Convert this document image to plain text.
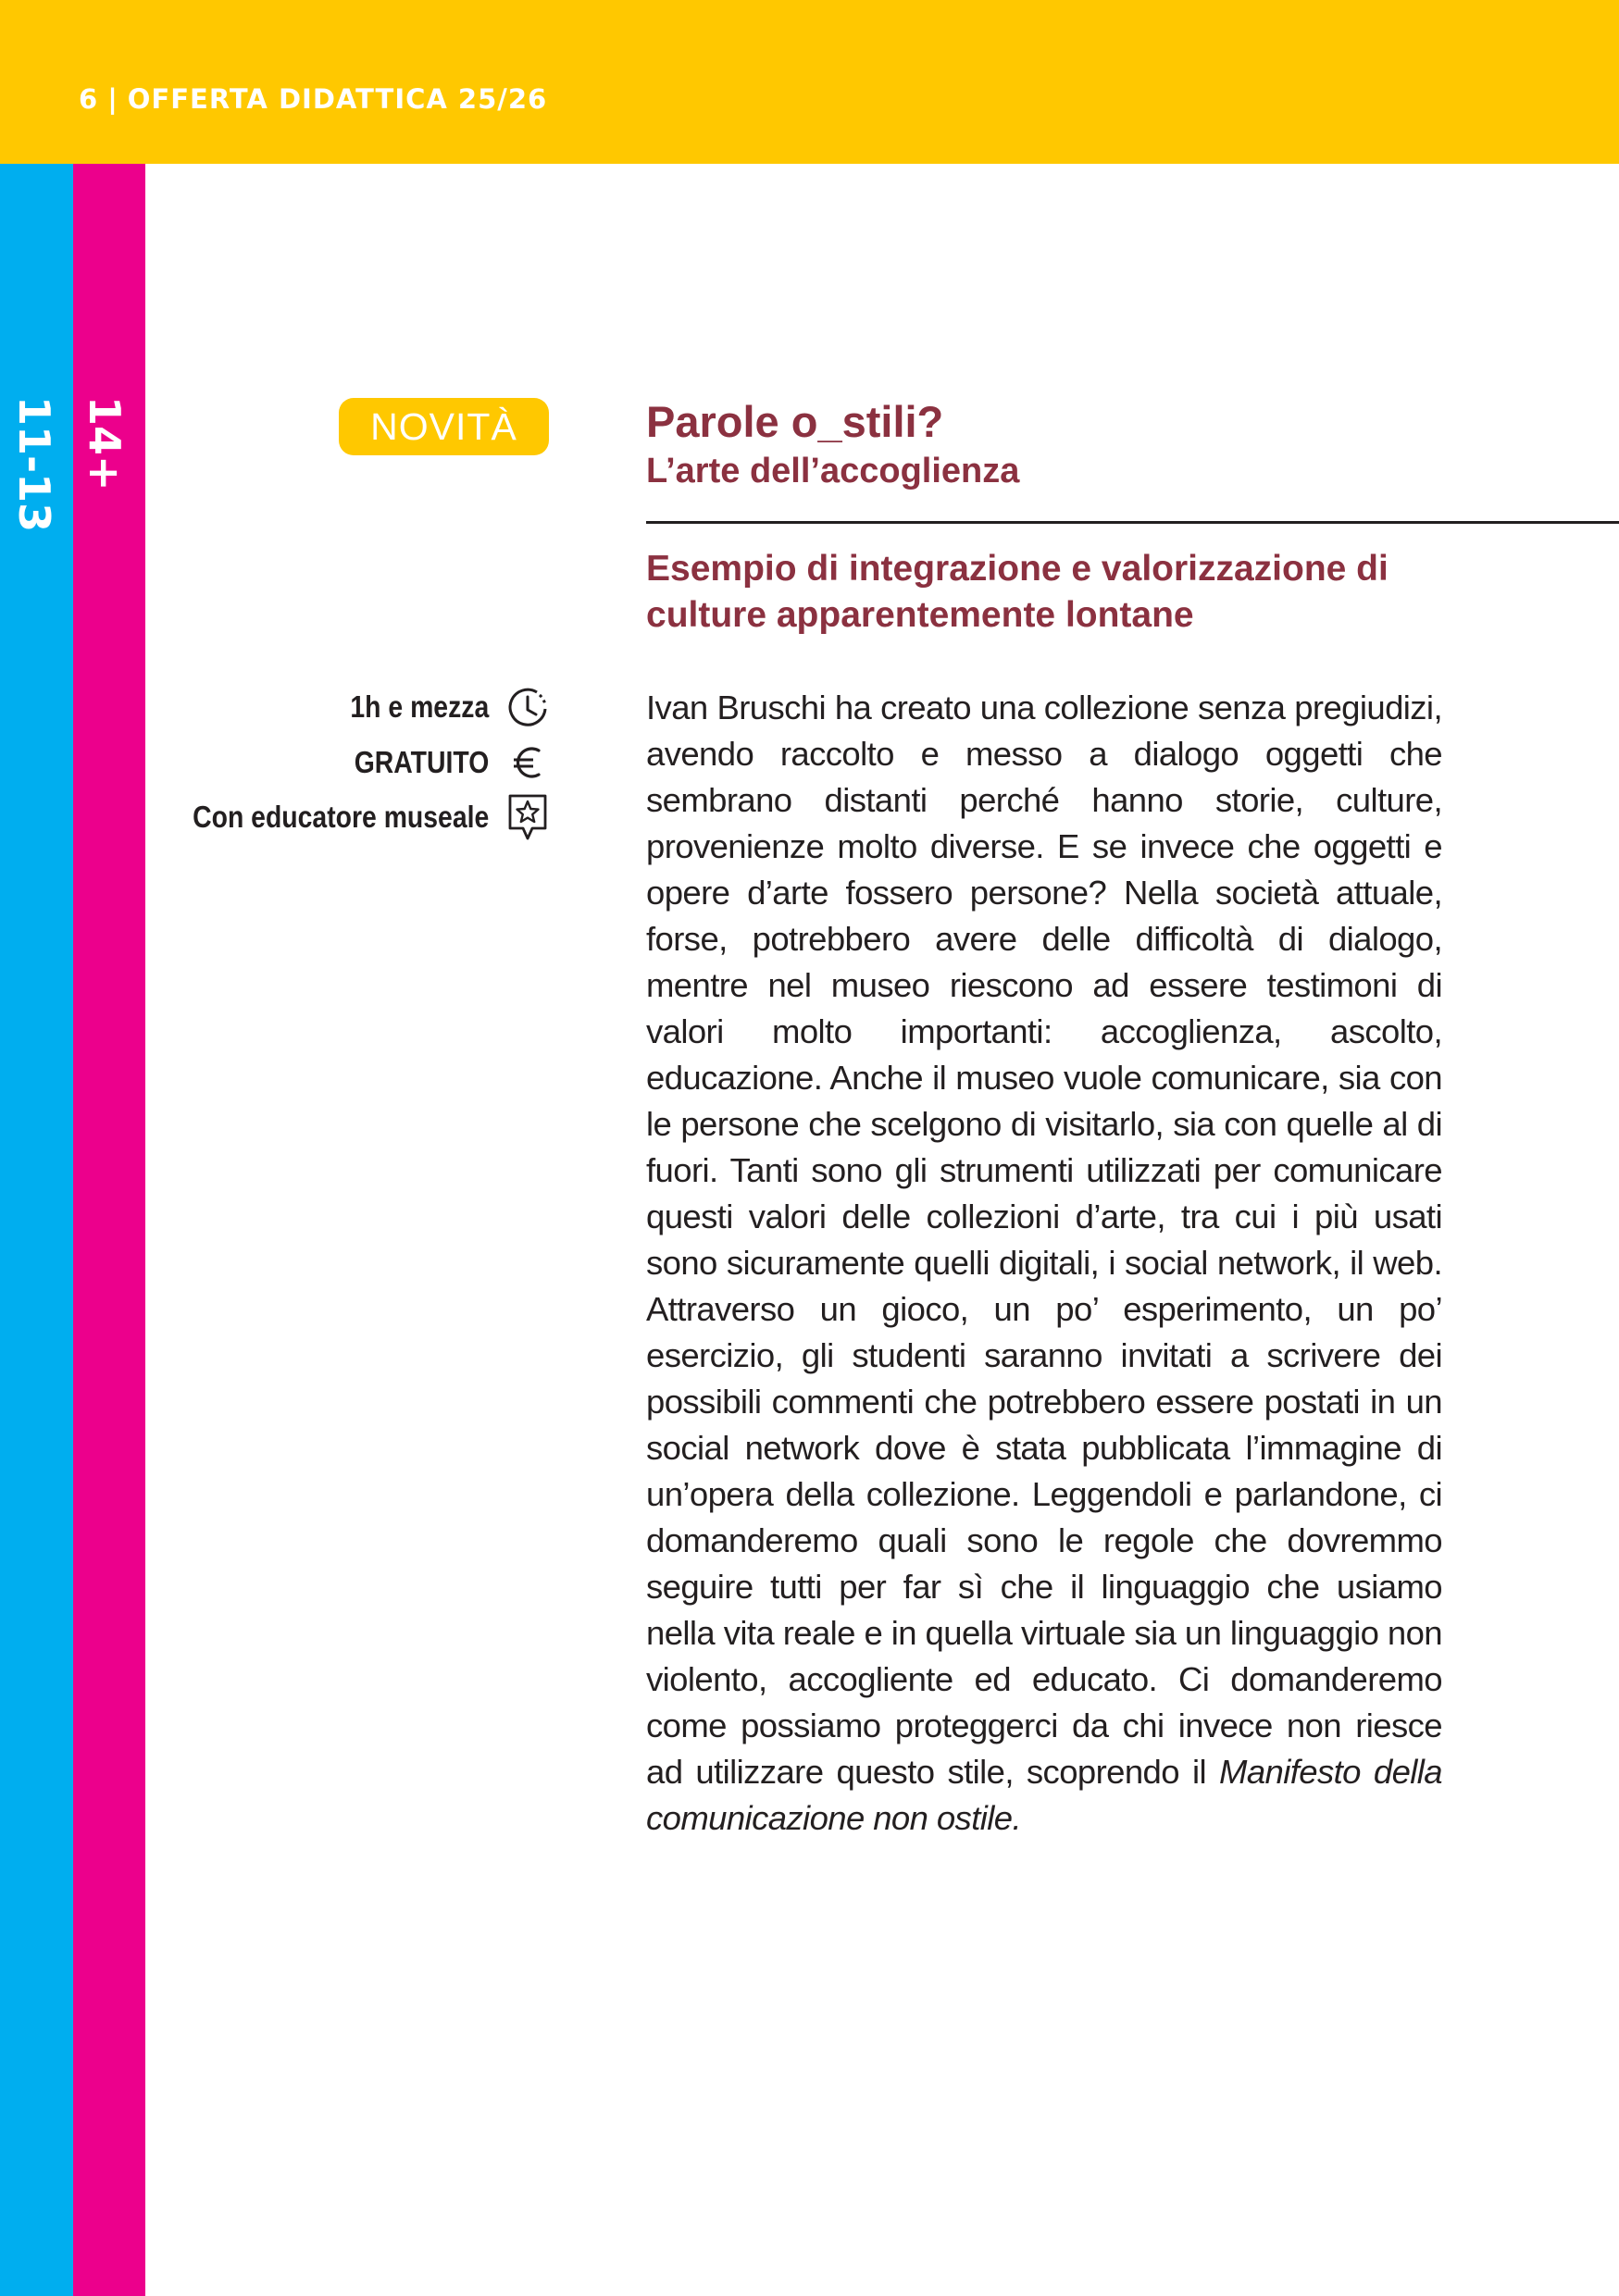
6 | OFFERTA DIDATTICA 25/26
11-13 14+	NOVITÀ	Parole o_stili?
L’arte dell’accoglienza
Esempio di integrazione e valorizzazione di culture apparentemente lontane
1h e mezza
GRATUITO
Con educatore museale
Ivan Bruschi ha creato una collezione senza pregiudizi, avendo raccolto e messo a dialogo oggetti che sembrano distanti perché hanno storie, culture, provenienze molto diverse. E se invece che oggetti e opere d’arte fossero persone? Nella società attuale, forse, potrebbero avere delle difficoltà di dialogo, mentre nel museo riescono ad essere testimoni di valori molto importanti: accoglienza, ascolto, educazione. Anche il museo vuole comunicare, sia con le persone che scelgono di visitarlo, sia con quelle al di fuori. Tanti sono gli strumenti utilizzati per comunicare questi valori delle collezioni d’arte, tra cui i più usati sono sicuramente quelli digitali, i social network, il web. Attraverso un gioco, un po’ esperimento, un po’ esercizio, gli studenti saranno invitati a scrivere dei possibili commenti che potrebbero essere postati in un social network dove è stata pubblicata l’immagine di un’opera della collezione. Leggendoli e parlandone, ci domanderemo quali sono le regole che dovremmo seguire tutti per far sì che il linguaggio che usiamo nella vita reale e in quella virtuale sia un linguaggio non violento, accogliente ed educato. Ci domanderemo come possiamo proteggerci da chi invece non riesce ad utilizzare questo stile, scoprendo il Manifesto della comunicazione non ostile.
